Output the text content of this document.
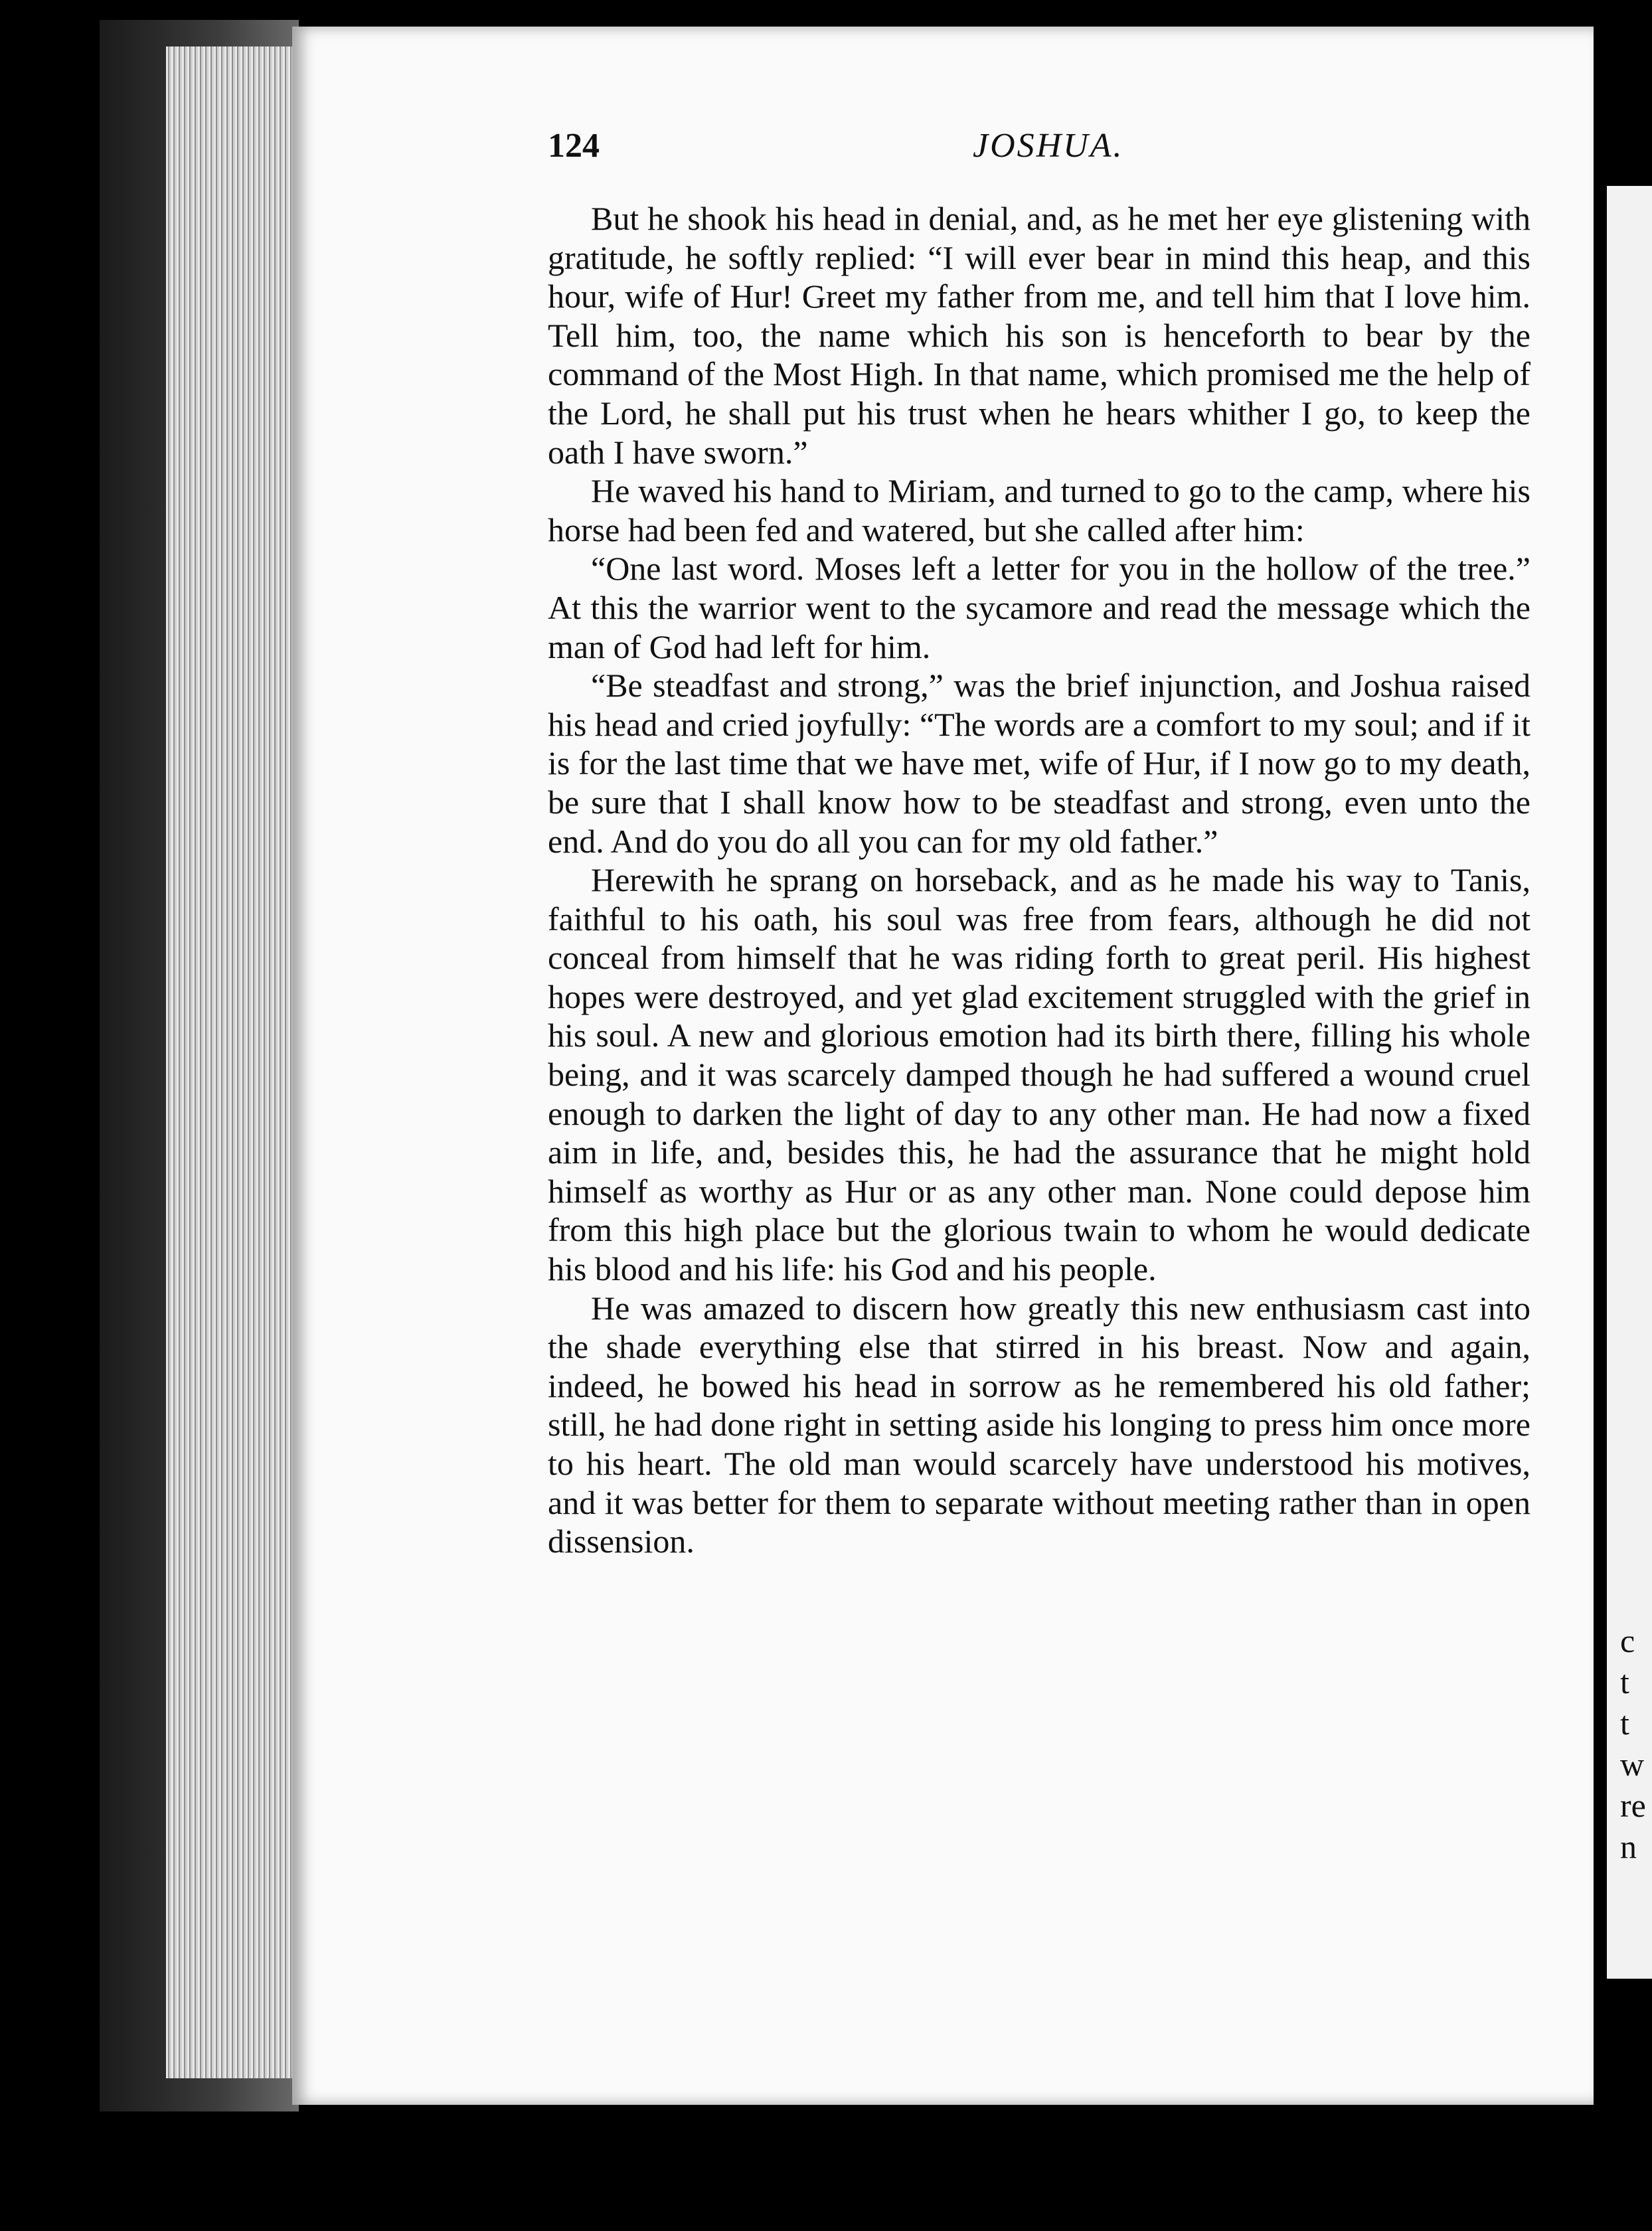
c
t
t
w
re
n
124	JOSHUA.

But he shook his head in denial, and, as he met her eye glistening with gratitude, he softly replied: “I will ever bear in mind this heap, and this hour, wife of Hur! Greet my father from me, and tell him that I love him. Tell him, too, the name which his son is henceforth to bear by the command of the Most High. In that name, which promised me the help of the Lord, he shall put his trust when he hears whither I go, to keep the oath I have sworn.”

He waved his hand to Miriam, and turned to go to the camp, where his horse had been fed and watered, but she called after him:

“One last word. Moses left a letter for you in the hollow of the tree.” At this the warrior went to the sycamore and read the message which the man of God had left for him.

“Be steadfast and strong,” was the brief injunction, and Joshua raised his head and cried joyfully: “The words are a comfort to my soul; and if it is for the last time that we have met, wife of Hur, if I now go to my death, be sure that I shall know how to be steadfast and strong, even unto the end. And do you do all you can for my old father.”

Herewith he sprang on horseback, and as he made his way to Tanis, faithful to his oath, his soul was free from fears, although he did not conceal from himself that he was riding forth to great peril. His highest hopes were destroyed, and yet glad excitement struggled with the grief in his soul. A new and glorious emotion had its birth there, filling his whole being, and it was scarcely damped though he had suffered a wound cruel enough to darken the light of day to any other man. He had now a fixed aim in life, and, besides this, he had the assurance that he might hold himself as worthy as Hur or as any other man. None could depose him from this high place but the glorious twain to whom he would dedicate his blood and his life: his God and his people.

He was amazed to discern how greatly this new enthusiasm cast into the shade everything else that stirred in his breast. Now and again, indeed, he bowed his head in sorrow as he remembered his old father; still, he had done right in setting aside his longing to press him once more to his heart. The old man would scarcely have understood his motives, and it was better for them to separate without meeting rather than in open dissension.
